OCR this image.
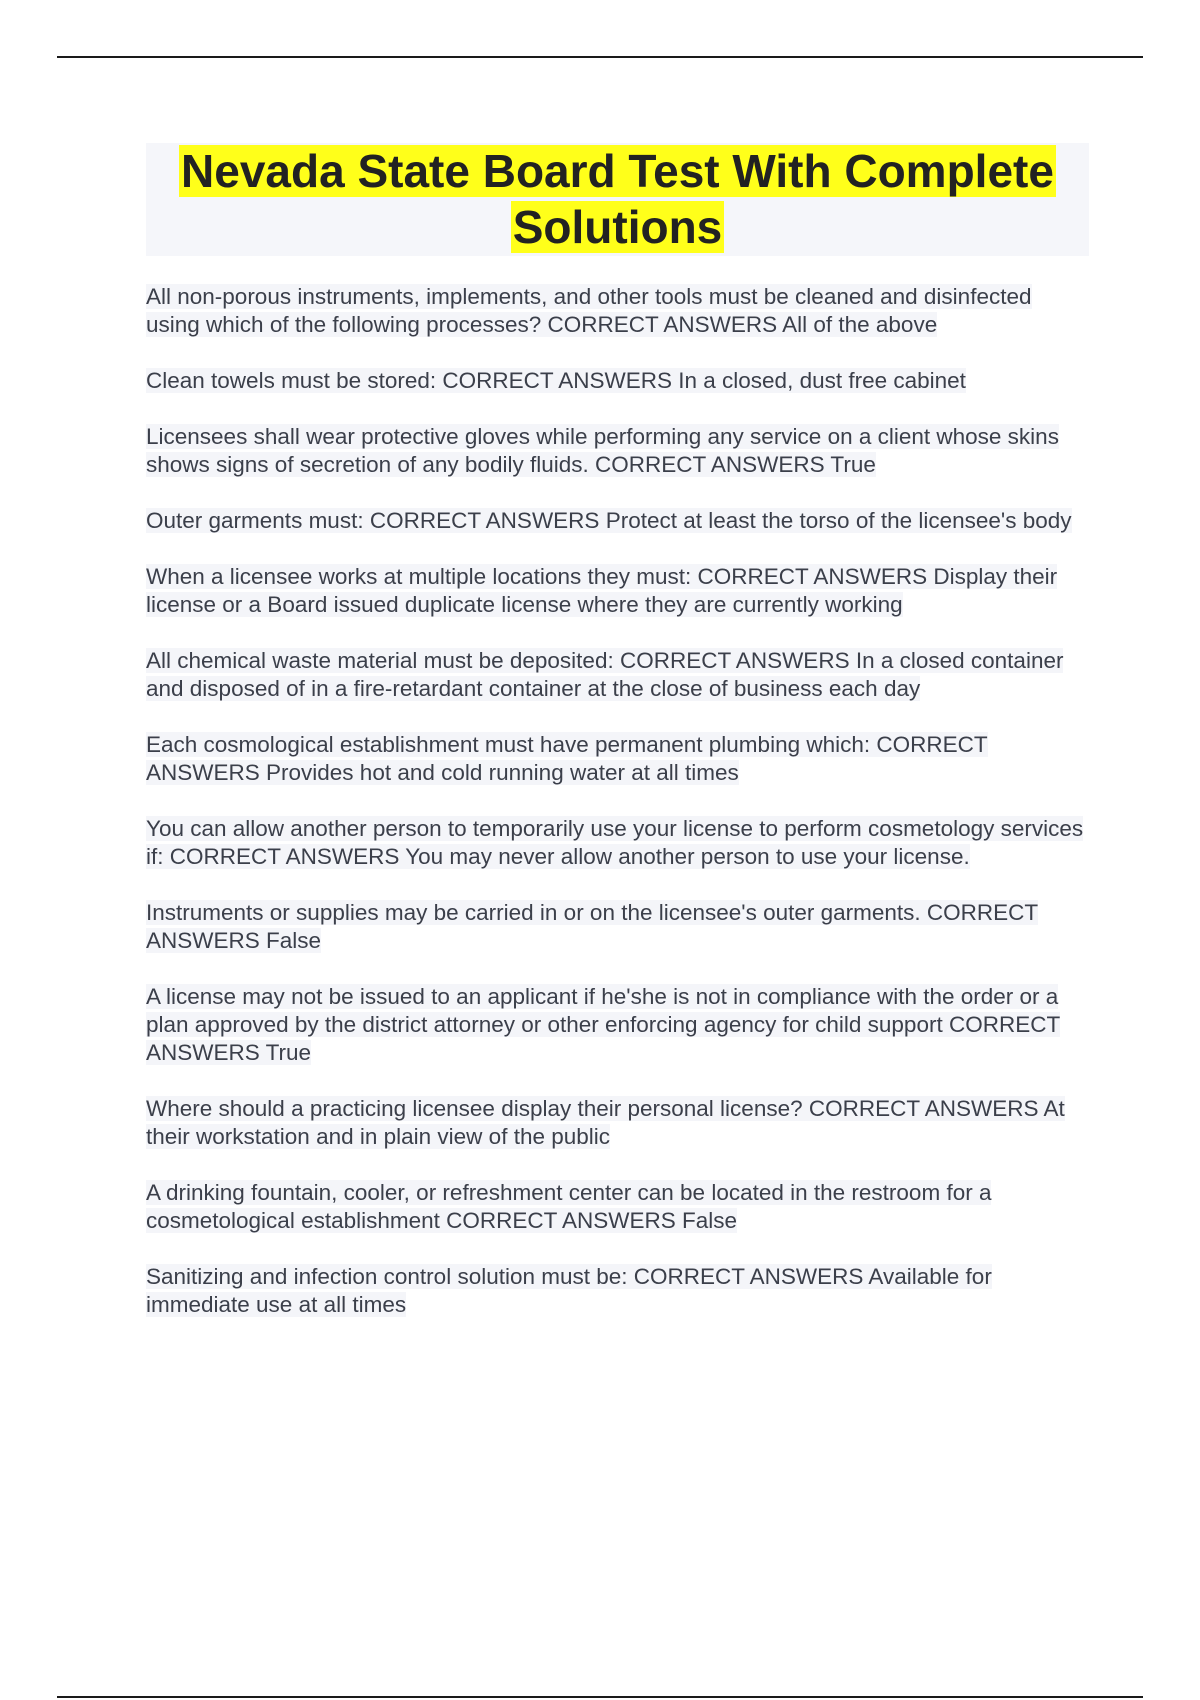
Nevada State Board Test With Complete
Solutions

All non-porous instruments, implements, and other tools must be cleaned and disinfected using which of the following processes? CORRECT ANSWERS All of the above

Clean towels must be stored: CORRECT ANSWERS In a closed, dust free cabinet

Licensees shall wear protective gloves while performing any service on a client whose skins shows signs of secretion of any bodily fluids. CORRECT ANSWERS True

Outer garments must: CORRECT ANSWERS Protect at least the torso of the licensee's body

When a licensee works at multiple locations they must: CORRECT ANSWERS Display their license or a Board issued duplicate license where they are currently working

All chemical waste material must be deposited: CORRECT ANSWERS In a closed container and disposed of in a fire-retardant container at the close of business each day

Each cosmological establishment must have permanent plumbing which: CORRECT ANSWERS Provides hot and cold running water at all times

You can allow another person to temporarily use your license to perform cosmetology services if: CORRECT ANSWERS You may never allow another person to use your license.

Instruments or supplies may be carried in or on the licensee's outer garments. CORRECT ANSWERS False

A license may not be issued to an applicant if he'she is not in compliance with the order or a plan approved by the district attorney or other enforcing agency for child support CORRECT ANSWERS True

Where should a practicing licensee display their personal license? CORRECT ANSWERS At their workstation and in plain view of the public

A drinking fountain, cooler, or refreshment center can be located in the restroom for a cosmetological establishment CORRECT ANSWERS False

Sanitizing and infection control solution must be: CORRECT ANSWERS Available for immediate use at all times
